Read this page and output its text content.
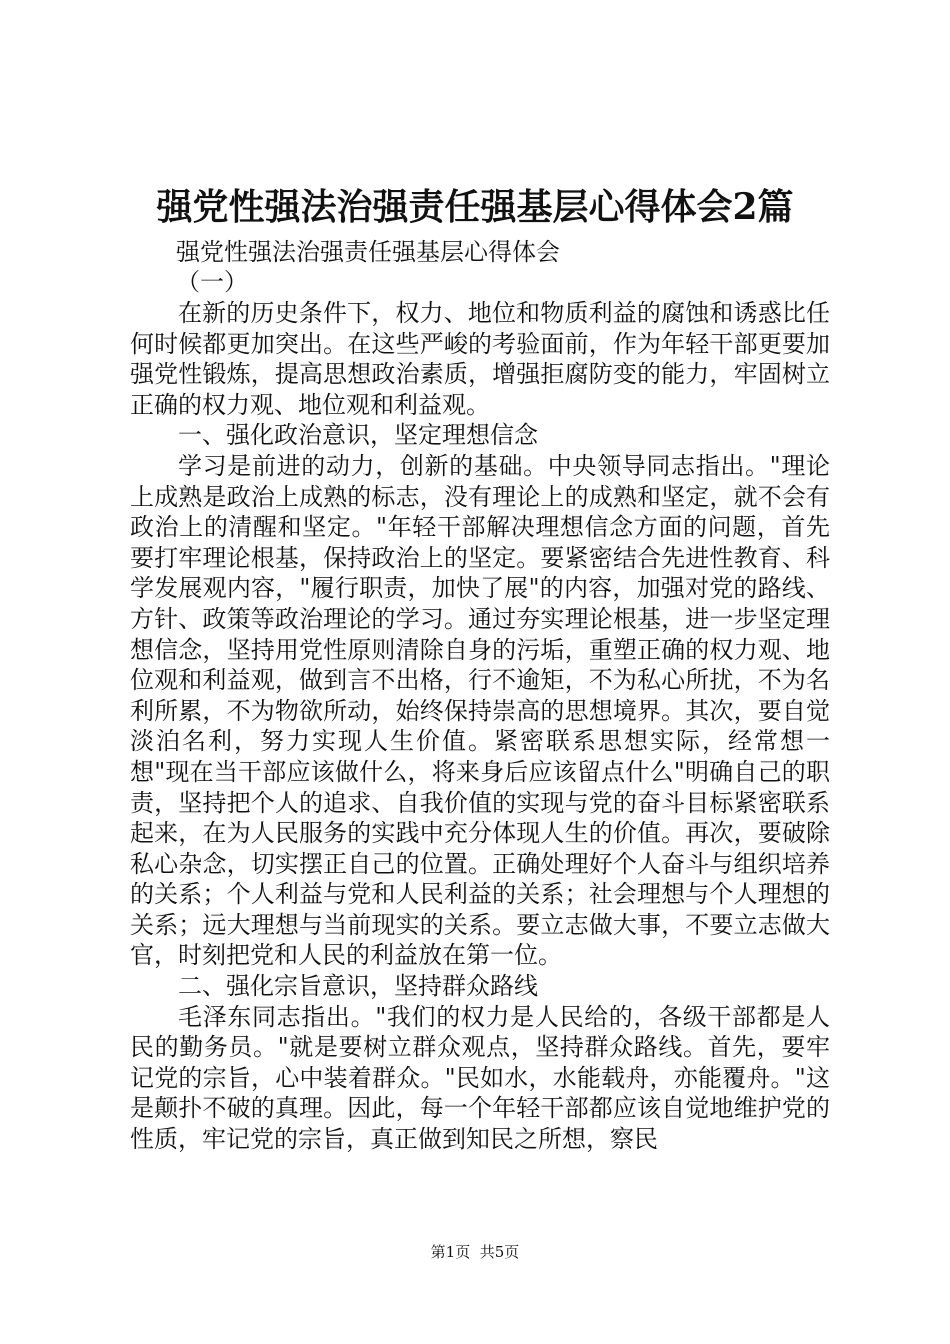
强党性强法治强责任强基层心得体会2篇
强党性强法治强责任强基层心得体会
（一）

在新的历史条件下，权力、地位和物质利益的腐蚀和诱惑比任何时候都更加突出。在这些严峻的考验面前，作为年轻干部更要加强党性锻炼，提高思想政治素质，增强拒腐防变的能力，牢固树立正确的权力观、地位观和利益观。

一、强化政治意识，坚定理想信念

学习是前进的动力，创新的基础。中央领导同志指出。"理论上成熟是政治上成熟的标志，没有理论上的成熟和坚定，就不会有政治上的清醒和坚定。"年轻干部解决理想信念方面的问题，首先要打牢理论根基，保持政治上的坚定。要紧密结合先进性教育、科学发展观内容，"履行职责，加快了展"的内容，加强对党的路线、方针、政策等政治理论的学习。通过夯实理论根基，进一步坚定理想信念，坚持用党性原则清除自身的污垢，重塑正确的权力观、地位观和利益观，做到言不出格，行不逾矩，不为私心所扰，不为名利所累，不为物欲所动，始终保持崇高的思想境界。其次，要自觉淡泊名利，努力实现人生价值。紧密联系思想实际，经常想一想"现在当干部应该做什么，将来身后应该留点什么"明确自己的职责，坚持把个人的追求、自我价值的实现与党的奋斗目标紧密联系起来，在为人民服务的实践中充分体现人生的价值。再次，要破除私心杂念，切实摆正自己的位置。正确处理好个人奋斗与组织培养的关系；个人利益与党和人民利益的关系；社会理想与个人理想的关系；远大理想与当前现实的关系。要立志做大事，不要立志做大官，时刻把党和人民的利益放在第一位。

二、强化宗旨意识，坚持群众路线

毛泽东同志指出。"我们的权力是人民给的，各级干部都是人民的勤务员。"就是要树立群众观点，坚持群众路线。首先，要牢记党的宗旨，心中装着群众。"民如水，水能载舟，亦能覆舟。"这是颠扑不破的真理。因此，每一个年轻干部都应该自觉地维护党的性质，牢记党的宗旨，真正做到知民之所想，察民

第1页 共5页
